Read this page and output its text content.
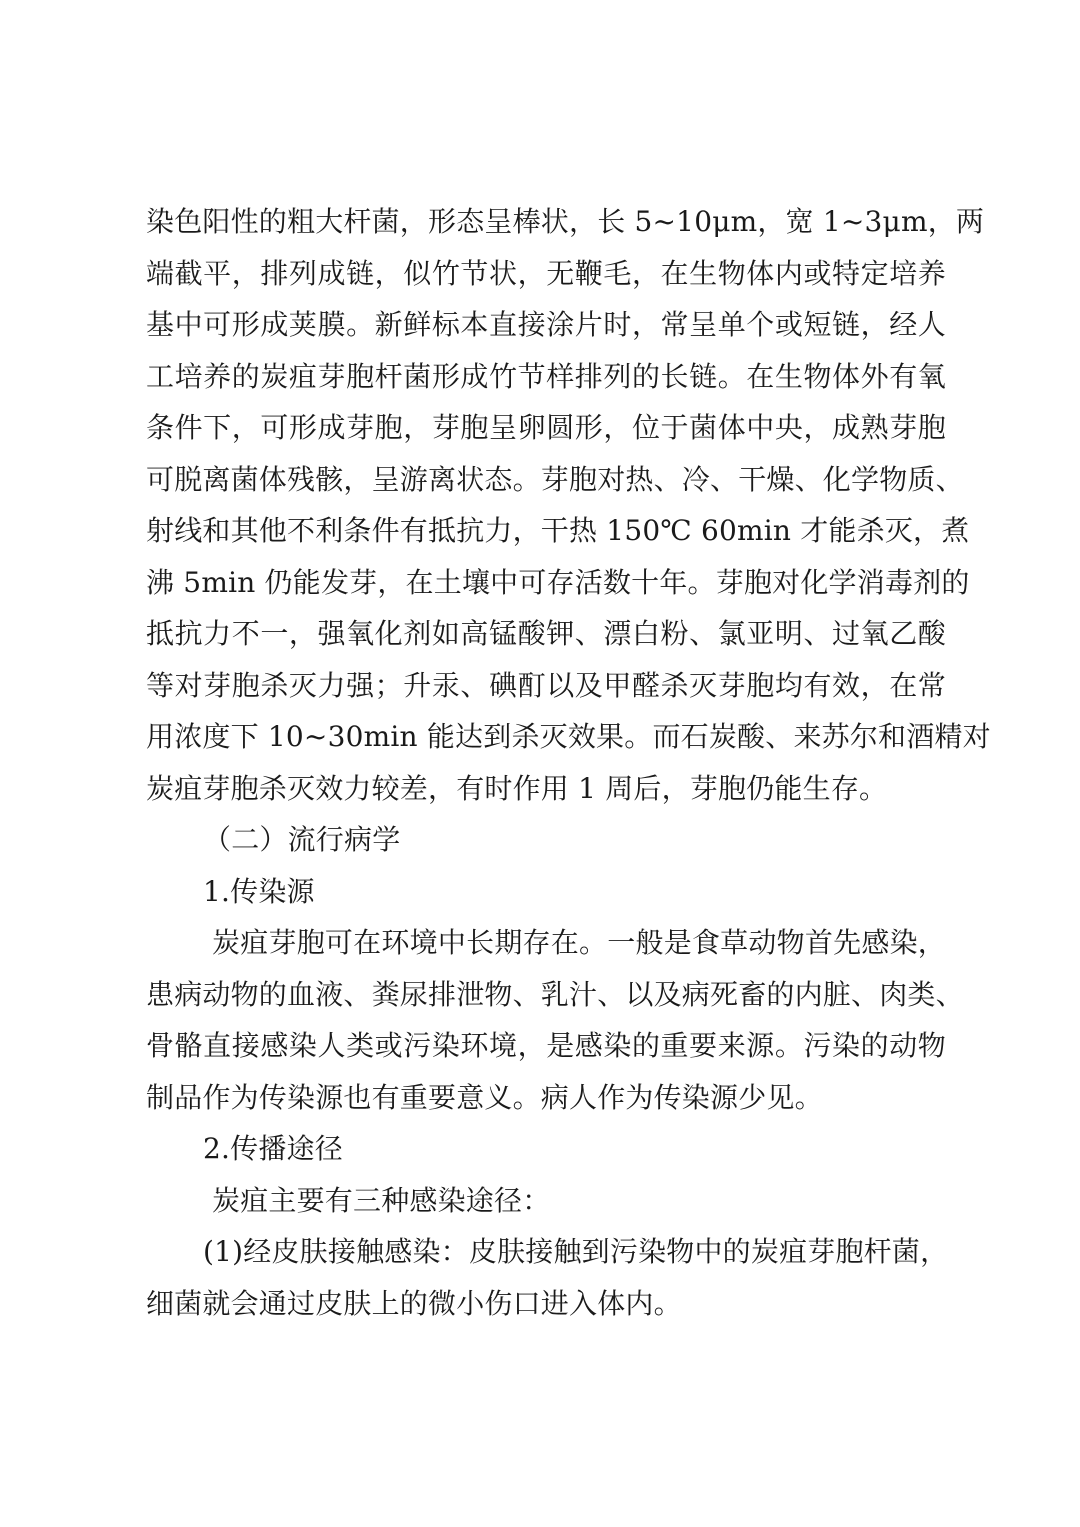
染色阳性的粗大杆菌，形态呈棒状，长 5~10μm，宽 1~3μm，两
端截平，排列成链，似竹节状，无鞭毛，在生物体内或特定培养
基中可形成荚膜。新鲜标本直接涂片时，常呈单个或短链，经人
工培养的炭疽芽胞杆菌形成竹节样排列的长链。在生物体外有氧
条件下，可形成芽胞，芽胞呈卵圆形，位于菌体中央，成熟芽胞
可脱离菌体残骸，呈游离状态。芽胞对热、冷、干燥、化学物质、
射线和其他不利条件有抵抗力，干热 150℃ 60min 才能杀灭，煮
沸 5min 仍能发芽，在土壤中可存活数十年。芽胞对化学消毒剂的
抵抗力不一，强氧化剂如高锰酸钾、漂白粉、氯亚明、过氧乙酸
等对芽胞杀灭力强；升汞、碘酊以及甲醛杀灭芽胞均有效，在常
用浓度下 10~30min 能达到杀灭效果。而石炭酸、来苏尔和酒精对
炭疽芽胞杀灭效力较差，有时作用 1 周后，芽胞仍能生存。
（二）流行病学
1.传染源
炭疽芽胞可在环境中长期存在。一般是食草动物首先感染，
患病动物的血液、粪尿排泄物、乳汁、以及病死畜的内脏、肉类、
骨骼直接感染人类或污染环境，是感染的重要来源。污染的动物
制品作为传染源也有重要意义。病人作为传染源少见。
2.传播途径
炭疽主要有三种感染途径：
(1)经皮肤接触感染：皮肤接触到污染物中的炭疽芽胞杆菌，
细菌就会通过皮肤上的微小伤口进入体内。
